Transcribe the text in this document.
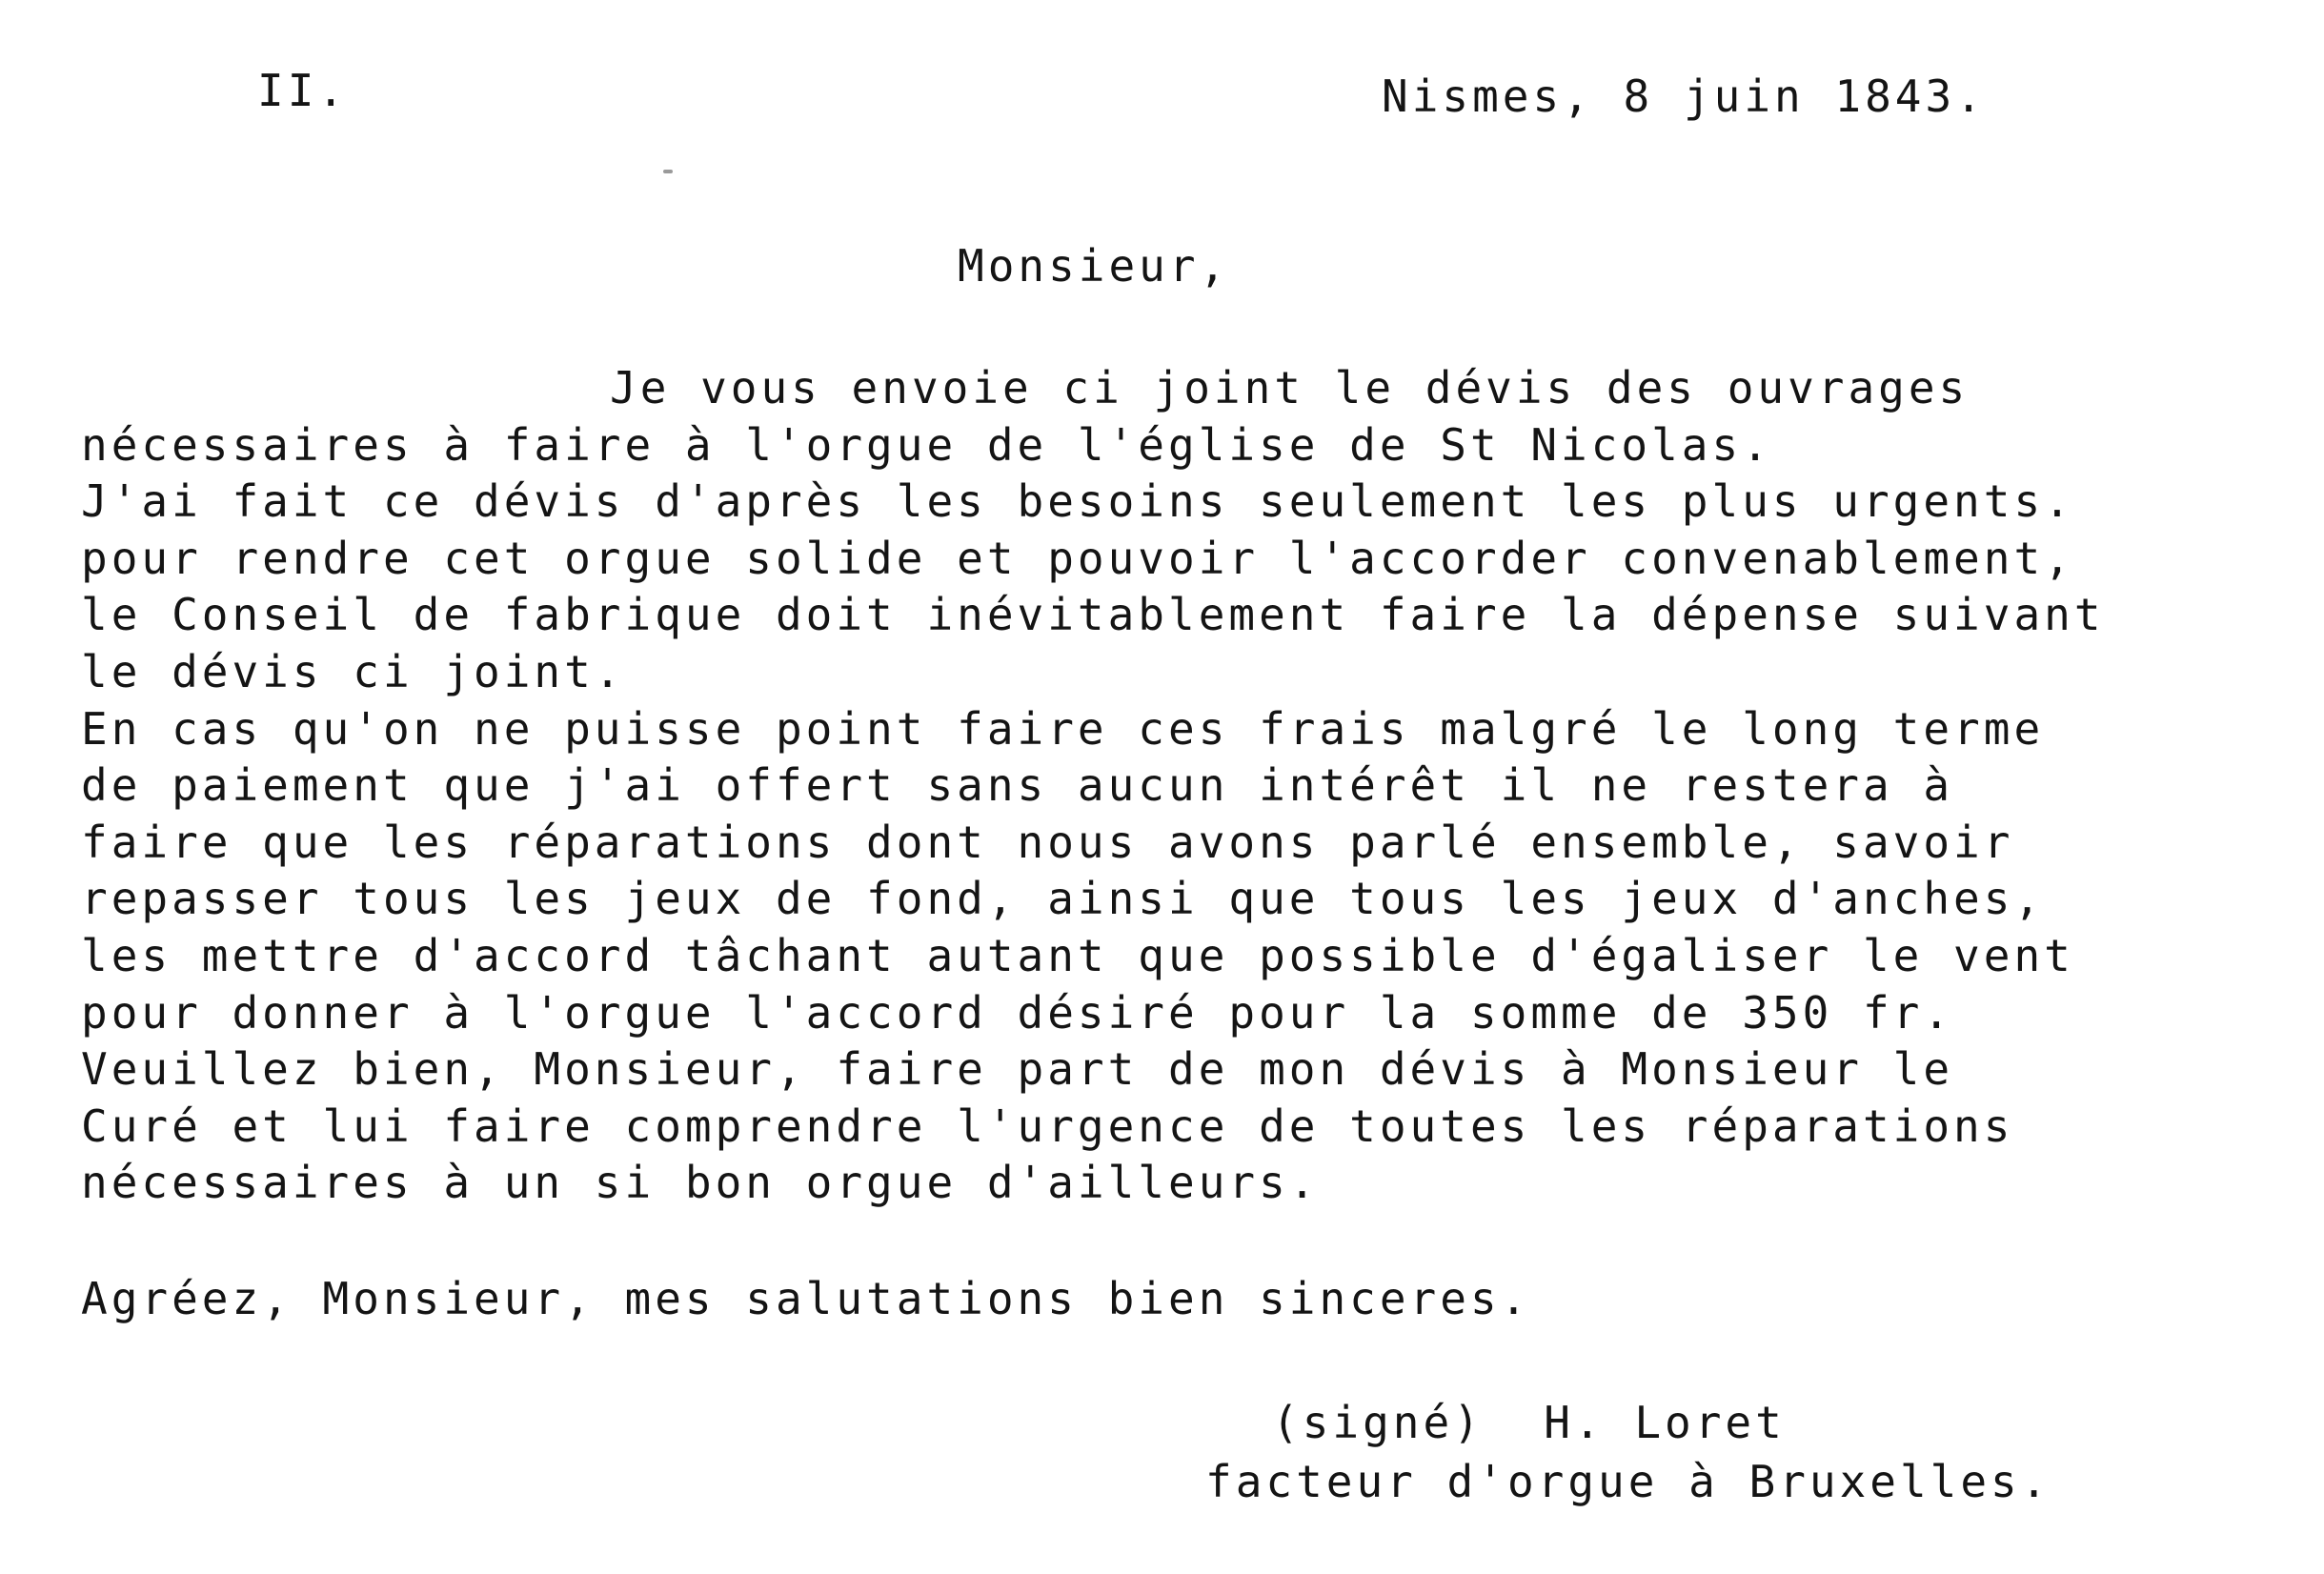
II.	Nismes, 8 juin 1843.
Monsieur,
Je vous envoie ci joint le dévis des ouvrages
nécessaires à faire à l'orgue de l'église de St Nicolas.
J'ai fait ce dévis d'après les besoins seulement les plus urgents.
pour rendre cet orgue solide et pouvoir l'accorder convenablement,
le Conseil de fabrique doit inévitablement faire la dépense suivant
le dévis ci joint.
En cas qu'on ne puisse point faire ces frais malgré le long terme
de paiement que j'ai offert sans aucun intérêt il ne restera à
faire que les réparations dont nous avons parlé ensemble, savoir
repasser tous les jeux de fond, ainsi que tous les jeux d'anches,
les mettre d'accord tâchant autant que possible d'égaliser le vent
pour donner à l'orgue l'accord désiré pour la somme de 350 fr.
Veuillez bien, Monsieur, faire part de mon dévis à Monsieur le
Curé et lui faire comprendre l'urgence de toutes les réparations
nécessaires à un si bon orgue d'ailleurs.
Agréez, Monsieur, mes salutations bien sinceres.
(signé)  H. Loret
facteur d'orgue à Bruxelles.
